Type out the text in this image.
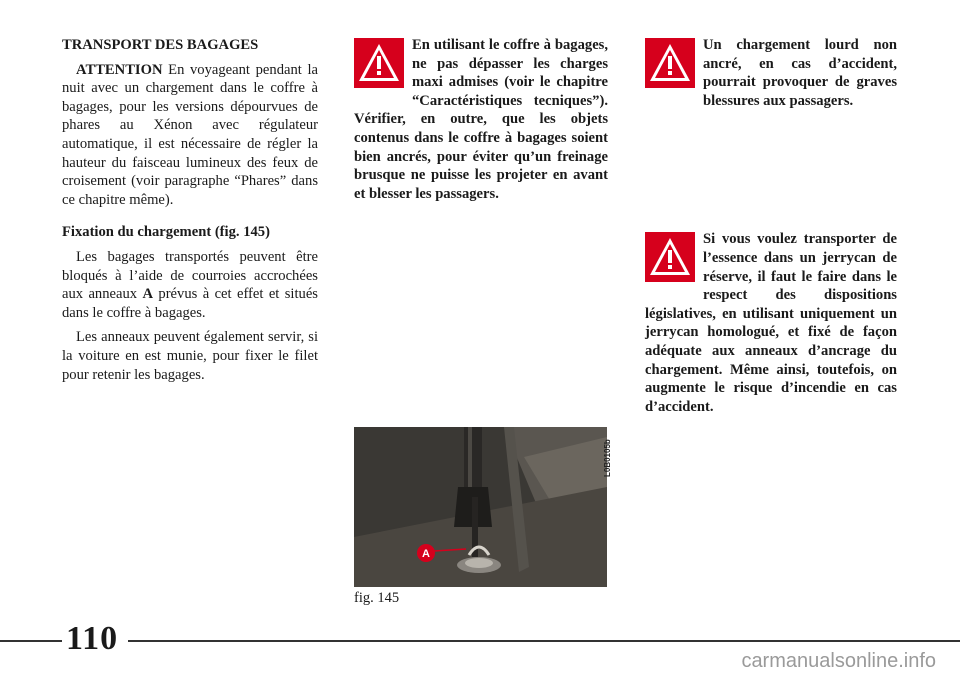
TRANSPORT DES BAGAGES

ATTENTION En voyageant pendant la nuit avec un chargement dans le coffre à bagages, pour les versions dépourvues de phares au Xénon avec régulateur automatique, il est nécessaire de régler la hauteur du faisceau lumineux des feux de croisement (voir paragraphe “Phares” dans ce chapitre même).

Fixation du chargement (fig. 145)

Les bagages transportés peuvent être bloqués à l’aide de courroies accrochées aux anneaux A prévus à cet effet et situés dans le coffre à bagages.

Les anneaux peuvent également servir, si la voiture en est munie, pour fixer le filet pour retenir les bagages.

En utilisant le coffre à bagages, ne pas dépasser les charges maxi admises (voir le chapitre “Caractéristiques tecniques”). Vérifier, en outre, que les objets contenus dans le coffre à bagages soient bien ancrés, pour éviter qu’un freinage brusque ne puisse les projeter en avant et blesser les passagers.
A
L0B0105b
fig. 145
Un chargement lourd non ancré, en cas d’accident, pourrait provoquer de graves blessures aux passagers.
Si vous voulez transporter de l’essence dans un jerrycan de réserve, il faut le faire dans le respect des dispositions législatives, en utilisant uniquement un jerrycan homologué, et fixé de façon adéquate aux anneaux d’ancrage du chargement. Même ainsi, toutefois, on augmente le risque d’incendie en cas d’accident.
110
carmanualsonline.info
